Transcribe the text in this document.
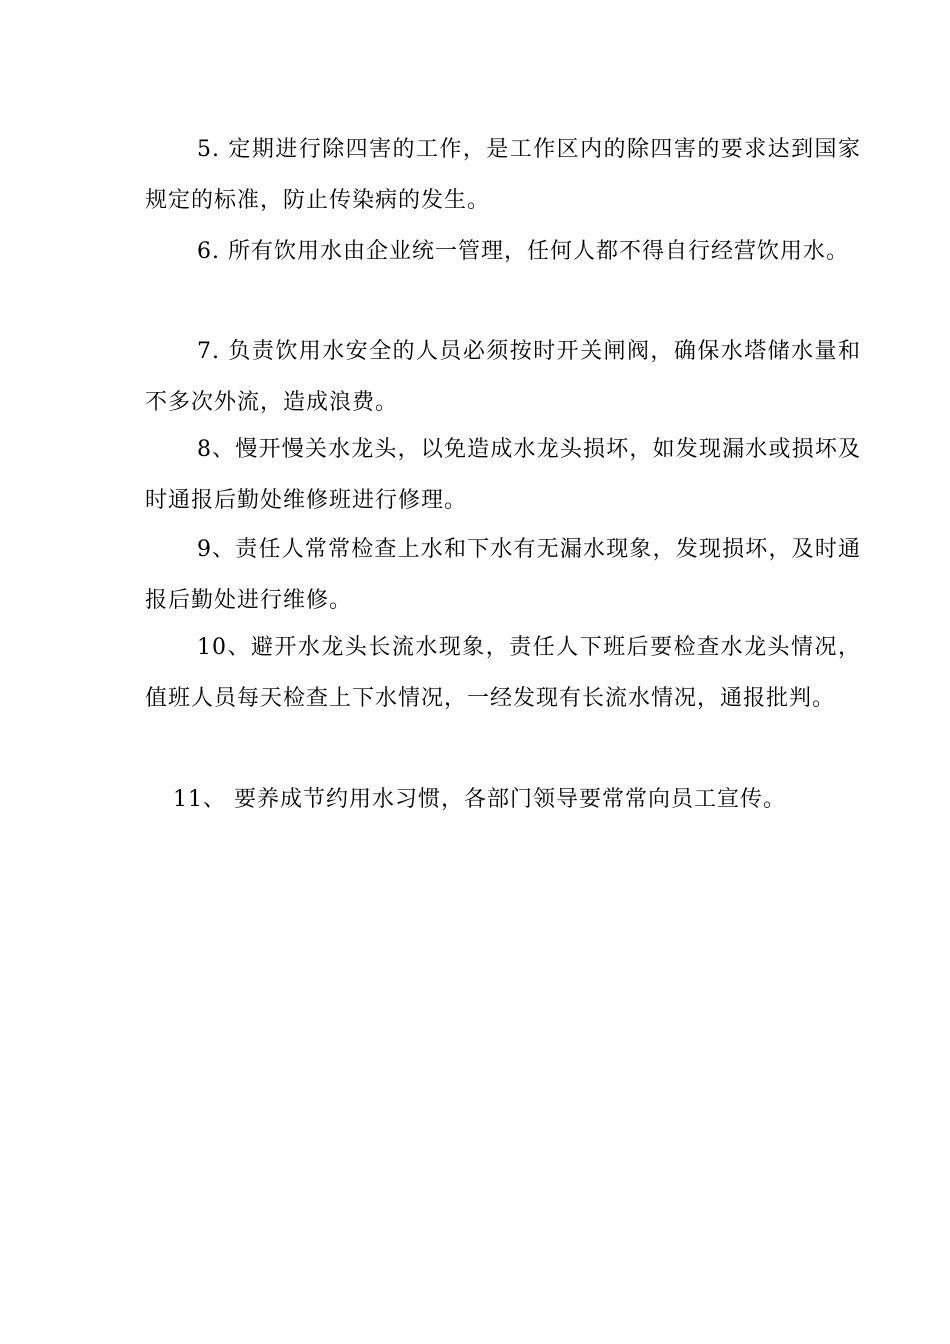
5. 定期进行除四害的工作，是工作区内的除四害的要求达到国家规定的标准，防止传染病的发生。

6. 所有饮用水由企业统一管理，任何人都不得自行经营饮用水。

7. 负责饮用水安全的人员必须按时开关闸阀，确保水塔储水量和不多次外流，造成浪费。

8、慢开慢关水龙头，以免造成水龙头损坏，如发现漏水或损坏及时通报后勤处维修班进行修理。

9、责任人常常检查上水和下水有无漏水现象，发现损坏，及时通报后勤处进行维修。

10、避开水龙头长流水现象，责任人下班后要检查水龙头情况，值班人员每天检查上下水情况，一经发现有长流水情况，通报批判。

11、 要养成节约用水习惯，各部门领导要常常向员工宣传。
